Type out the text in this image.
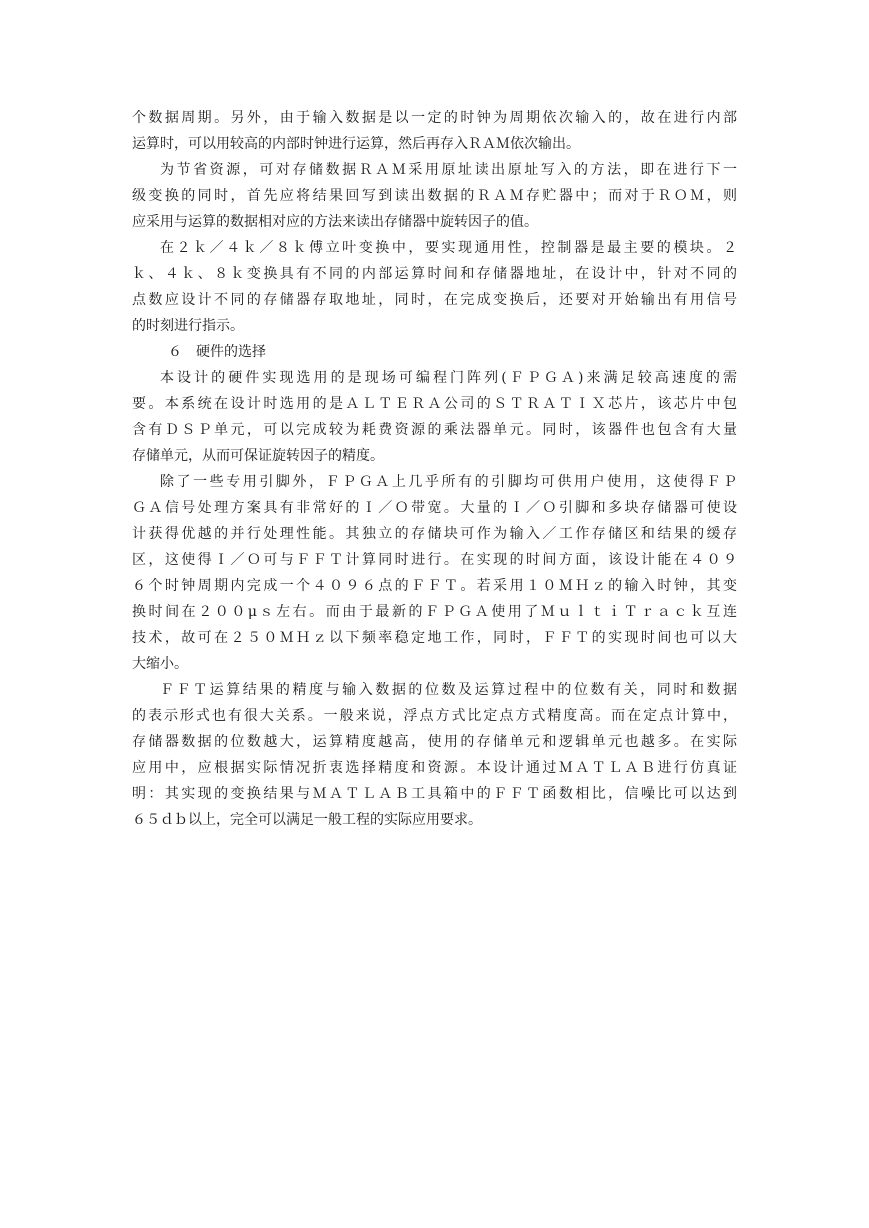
个数据周期。另外，由于输入数据是以一定的时钟为周期依次输入的，故在进行内部
运算时，可以用较高的内部时钟进行运算，然后再存入ＲＡＭ依次输出。
为节省资源，可对存储数据ＲＡＭ采用原址读出原址写入的方法，即在进行下一
级变换的同时，首先应将结果回写到读出数据的ＲＡＭ存贮器中；而对于ＲＯＭ，则
应采用与运算的数据相对应的方法来读出存储器中旋转因子的值。
在２ｋ／４ｋ／８ｋ傅立叶变换中，要实现通用性，控制器是最主要的模块。２
ｋ、４ｋ、８ｋ变换具有不同的内部运算时间和存储器地址，在设计中，针对不同的
点数应设计不同的存储器存取地址，同时，在完成变换后，还要对开始输出有用信号
的时刻进行指示。
６　硬件的选择
本设计的硬件实现选用的是现场可编程门阵列(ＦＰＧＡ)来满足较高速度的需
要。本系统在设计时选用的是ＡＬＴＥＲＡ公司的ＳＴＲＡＴＩＸ芯片，该芯片中包
含有ＤＳＰ单元，可以完成较为耗费资源的乘法器单元。同时，该器件也包含有大量
存储单元，从而可保证旋转因子的精度。
除了一些专用引脚外，ＦＰＧＡ上几乎所有的引脚均可供用户使用，这使得ＦＰ
ＧＡ信号处理方案具有非常好的Ｉ／Ｏ带宽。大量的Ｉ／Ｏ引脚和多块存储器可使设
计获得优越的并行处理性能。其独立的存储块可作为输入／工作存储区和结果的缓存
区，这使得Ｉ／Ｏ可与ＦＦＴ计算同时进行。在实现的时间方面，该设计能在４０９
６个时钟周期内完成一个４０９６点的ＦＦＴ。若采用１０ＭＨｚ的输入时钟，其变
换时间在２００μｓ左右。而由于最新的ＦＰＧＡ使用了ＭｕｌｔｉＴｒａｃｋ互连
技术，故可在２５０ＭＨｚ以下频率稳定地工作，同时，ＦＦＴ的实现时间也可以大
大缩小。
ＦＦＴ运算结果的精度与输入数据的位数及运算过程中的位数有关，同时和数据
的表示形式也有很大关系。一般来说，浮点方式比定点方式精度高。而在定点计算中，
存储器数据的位数越大，运算精度越高，使用的存储单元和逻辑单元也越多。在实际
应用中，应根据实际情况折衷选择精度和资源。本设计通过ＭＡＴＬＡＢ进行仿真证
明：其实现的变换结果与ＭＡＴＬＡＢ工具箱中的ＦＦＴ函数相比，信噪比可以达到
６５ｄｂ以上，完全可以满足一般工程的实际应用要求。
